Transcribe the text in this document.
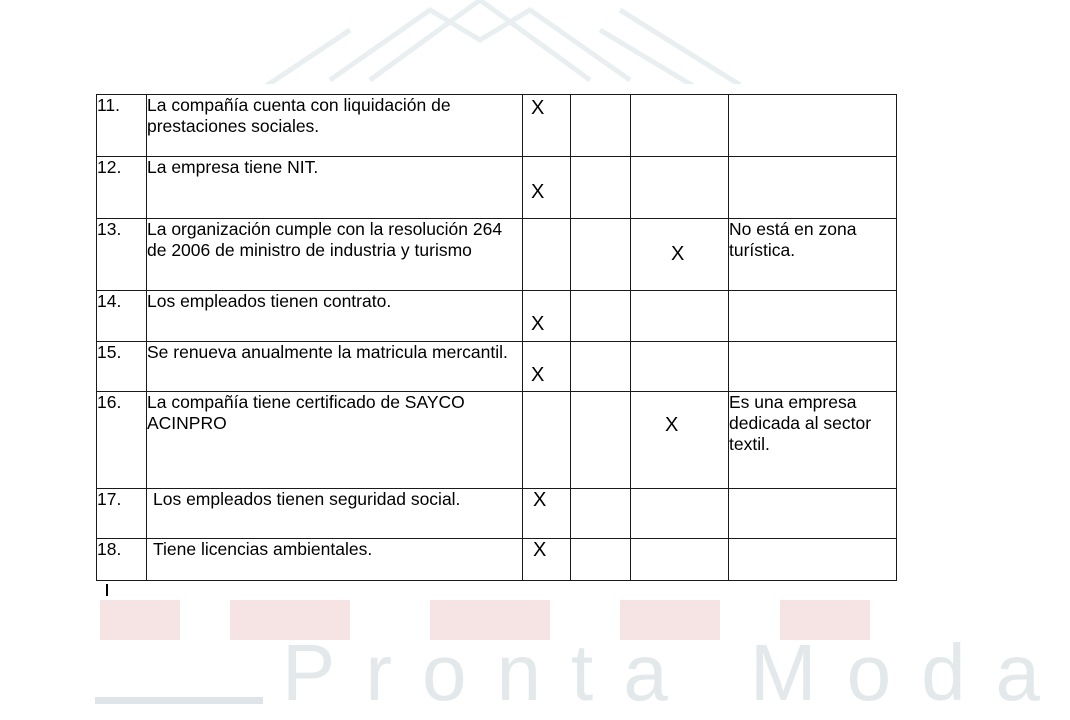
Pronta Moda
11.	La compañía cuenta con liquidación de prestaciones sociales.	X			

12.	La empresa tiene NIT.	X			

13.	La organización cumple con la resolución 264 de 2006 de ministro de industria y turismo			X	No está en zona turística.
14.	Los empleados tienen contrato.	X			

15.	Se renueva anualmente la matricula mercantil.	X			

16.	La compañía tiene certificado de SAYCO ACINPRO			X	Es una empresa dedicada al sector textil.
17.	Los empleados tienen seguridad social.	X			

18.	Tiene licencias ambientales.	X			
